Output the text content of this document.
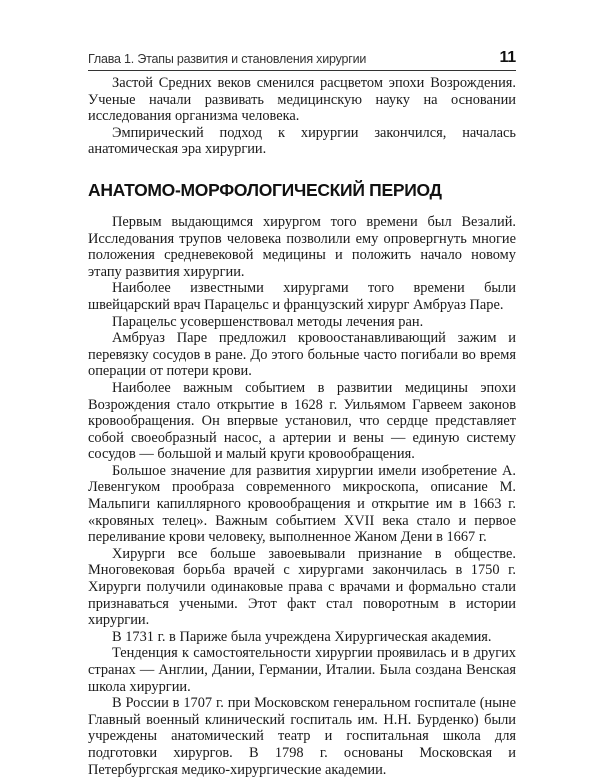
Глава 1. Этапы развития и становления хирургии	11

Застой Средних веков сменился расцветом эпохи Возрождения. Ученые начали развивать медицинскую науку на основании исследования организма человека.

Эмпирический подход к хирургии закончился, началась анатомическая эра хирургии.

АНАТОМО-МОРФОЛОГИЧЕСКИЙ ПЕРИОД

Первым выдающимся хирургом того времени был Везалий. Исследования трупов человека позволили ему опровергнуть многие положения средневековой медицины и положить начало новому этапу развития хирургии.

Наиболее известными хирургами того времени были швейцарский врач Парацельс и французский хирург Амбруаз Паре.

Парацельс усовершенствовал методы лечения ран.

Амбруаз Паре предложил кровоостанавливающий зажим и перевязку сосудов в ране. До этого больные часто погибали во время операции от потери крови.

Наиболее важным событием в развитии медицины эпохи Возрождения стало открытие в 1628 г. Уильямом Гарвеем законов кровообращения. Он впервые установил, что сердце представляет собой своеобразный насос, а артерии и вены — единую систему сосудов — большой и малый круги кровообращения.

Большое значение для развития хирургии имели изобретение А. Левенгуком прообраза современного микроскопа, описание М. Мальпиги капиллярного кровообращения и открытие им в 1663 г. «кровяных телец». Важным событием XVII века стало и первое переливание крови человеку, выполненное Жаном Дени в 1667 г.

Хирурги все больше завоевывали признание в обществе. Многовековая борьба врачей с хирургами закончилась в 1750 г. Хирурги получили одинаковые права с врачами и формально стали признаваться учеными. Этот факт стал поворотным в истории хирургии.

В 1731 г. в Париже была учреждена Хирургическая академия.

Тенденция к самостоятельности хирургии проявилась и в других странах — Англии, Дании, Германии, Италии. Была создана Венская школа хирургии.

В России в 1707 г. при Московском генеральном госпитале (ныне Главный военный клинический госпиталь им. Н.Н. Бурденко) были учреждены анатомический театр и госпитальная школа для подготовки хирургов. В 1798 г. основаны Московская и Петербургская медико-хирургические академии.
